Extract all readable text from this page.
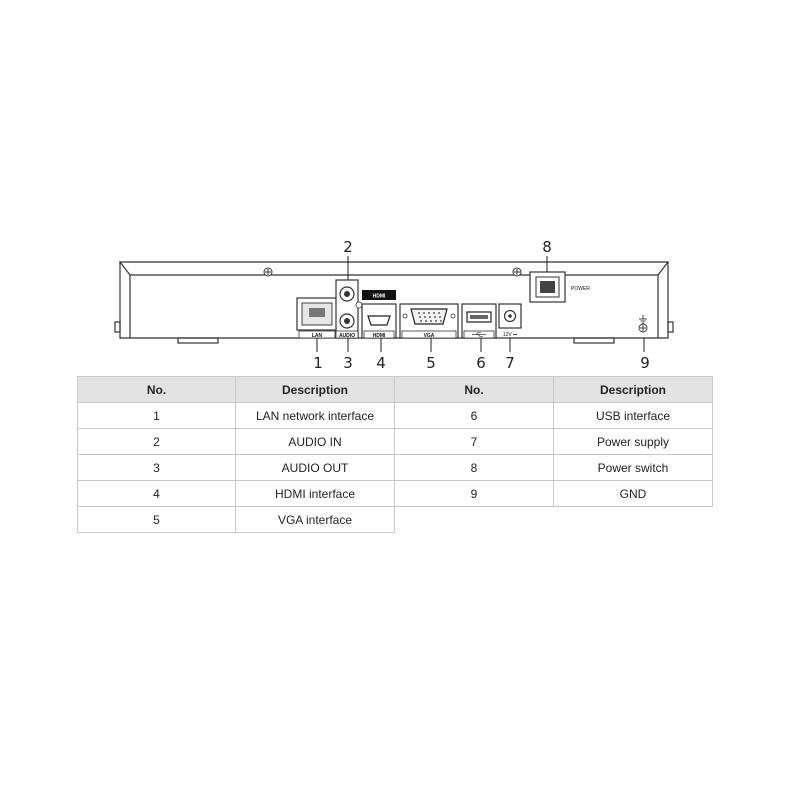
LAN	AUDIO
HDMI
HDMI	VGA	12V ⎓
POWER
1
2
3 4	5	6 7
8
9
No.	Description	No.	Description
1	LAN network interface	6	USB interface
2	AUDIO IN	7	Power supply
3	AUDIO OUT	8	Power switch
4	HDMI interface	9	GND
5	VGA interface		
